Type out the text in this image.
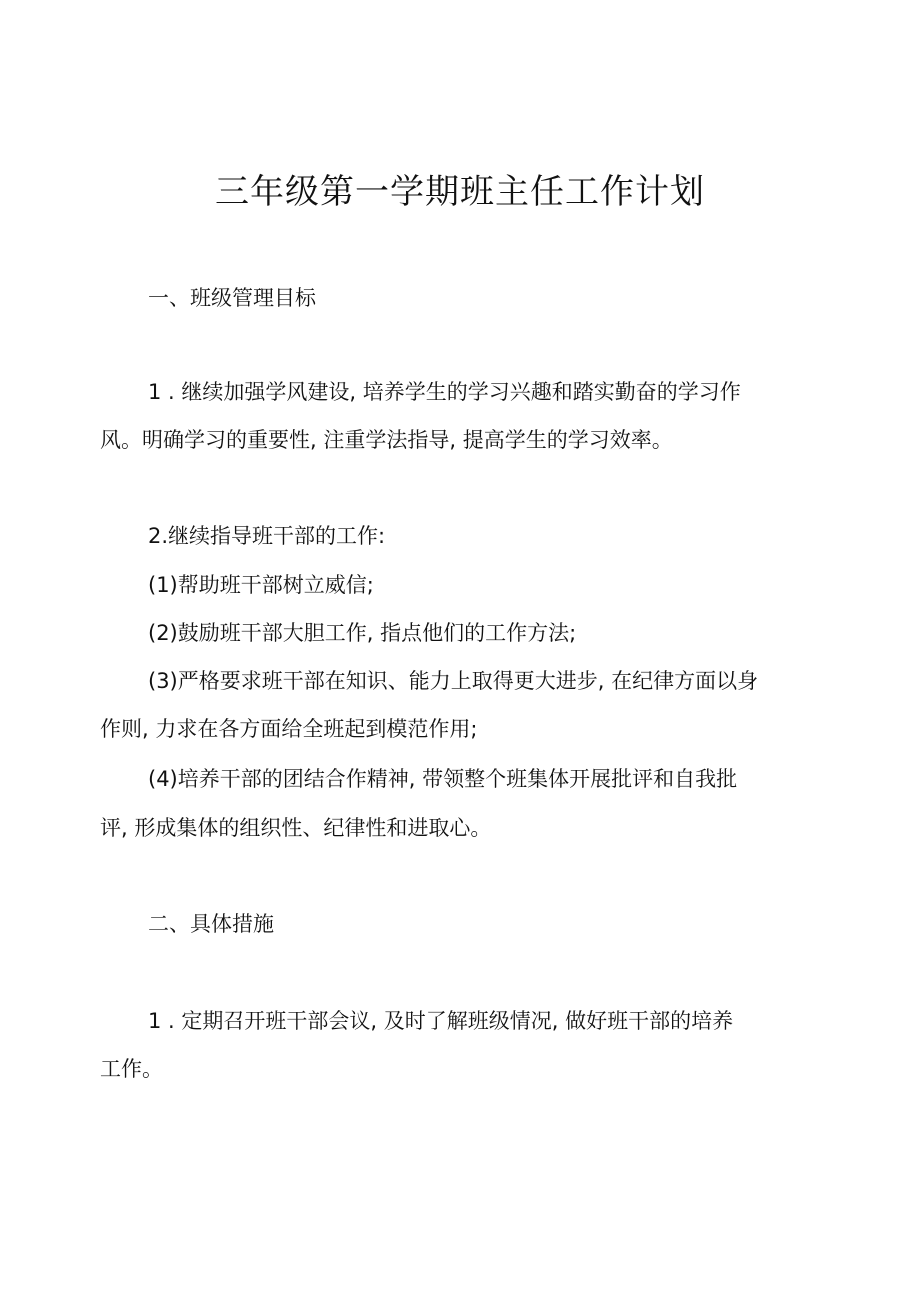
三年级第一学期班主任工作计划

一、班级管理目标

1 . 继续加强学风建设, 培养学生的学习兴趣和踏实勤奋的学习作

风。明确学习的重要性, 注重学法指导, 提高学生的学习效率。

2.继续指导班干部的工作:

(1)帮助班干部树立威信;

(2)鼓励班干部大胆工作, 指点他们的工作方法;

(3)严格要求班干部在知识、能力上取得更大进步, 在纪律方面以身

作则, 力求在各方面给全班起到模范作用;

(4)培养干部的团结合作精神, 带领整个班集体开展批评和自我批

评, 形成集体的组织性、纪律性和进取心。

二、具体措施

1 . 定期召开班干部会议, 及时了解班级情况, 做好班干部的培养

工作。
